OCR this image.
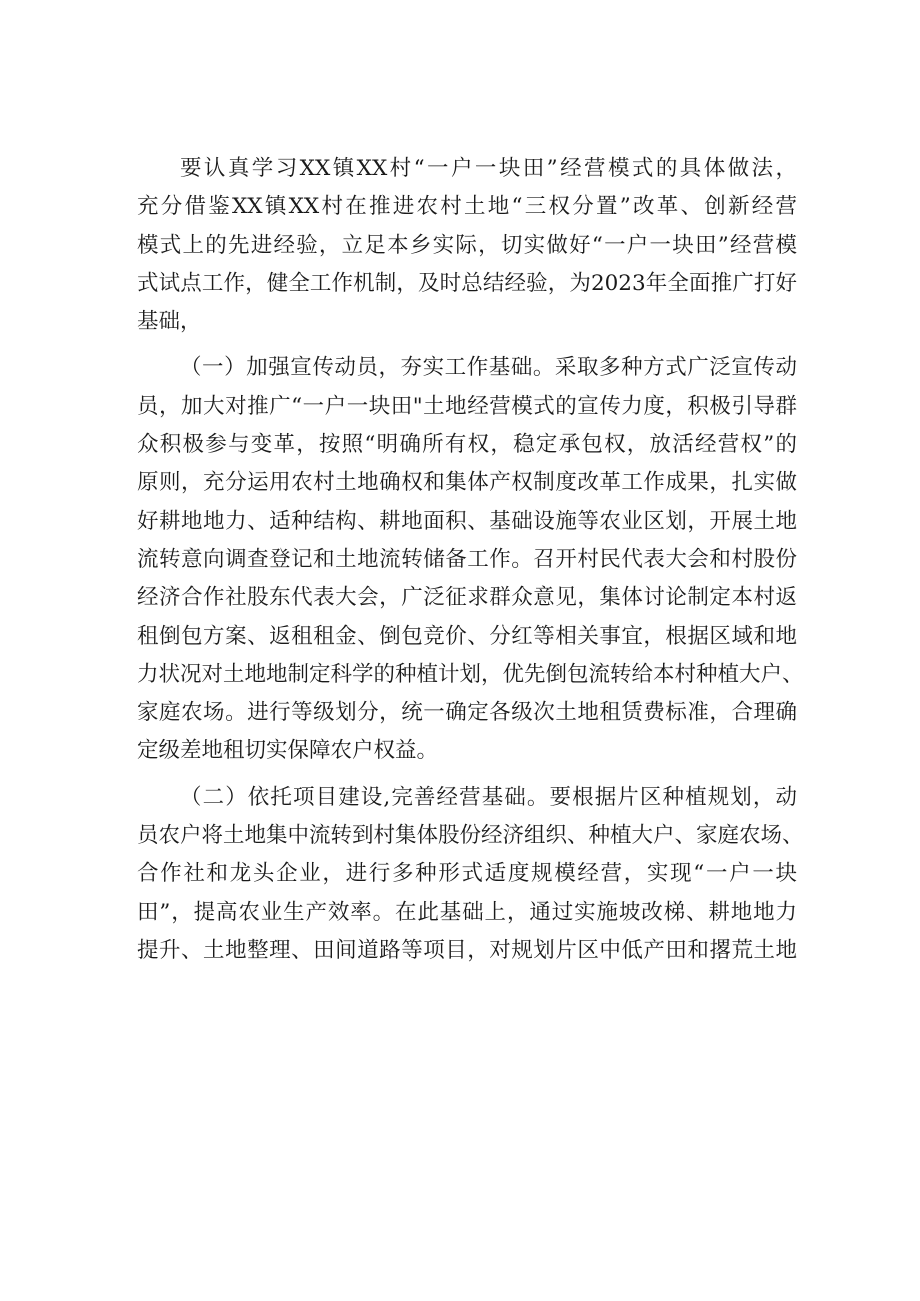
要认真学习XX镇XX村“一户一块田”经营模式的具体做法，
充分借鉴XX镇XX村在推进农村土地“三权分置”改革、创新经营
模式上的先进经验，立足本乡实际，切实做好“一户一块田”经营模
式试点工作，健全工作机制，及时总结经验，为2023年全面推广打好
基础，
（一）加强宣传动员，夯实工作基础。采取多种方式广泛宣传动
员，加大对推广“一户一块田"土地经营模式的宣传力度，积极引导群
众积极参与变革，按照“明确所有权，稳定承包权，放活经营权”的
原则，充分运用农村土地确权和集体产权制度改革工作成果，扎实做
好耕地地力、适种结构、耕地面积、基础设施等农业区划，开展土地
流转意向调查登记和土地流转储备工作。召开村民代表大会和村股份
经济合作社股东代表大会，广泛征求群众意见，集体讨论制定本村返
租倒包方案、返租租金、倒包竞价、分红等相关事宜，根据区域和地
力状况对土地地制定科学的种植计划，优先倒包流转给本村种植大户、
家庭农场。进行等级划分，统一确定各级次土地租赁费标准，合理确
定级差地租切实保障农户权益。
（二）依托项目建设,完善经营基础。要根据片区种植规划，动
员农户将土地集中流转到村集体股份经济组织、种植大户、家庭农场、
合作社和龙头企业，进行多种形式适度规模经营，实现“一户一块
田”，提高农业生产效率。在此基础上，通过实施坡改梯、耕地地力
提升、土地整理、田间道路等项目，对规划片区中低产田和撂荒土地
